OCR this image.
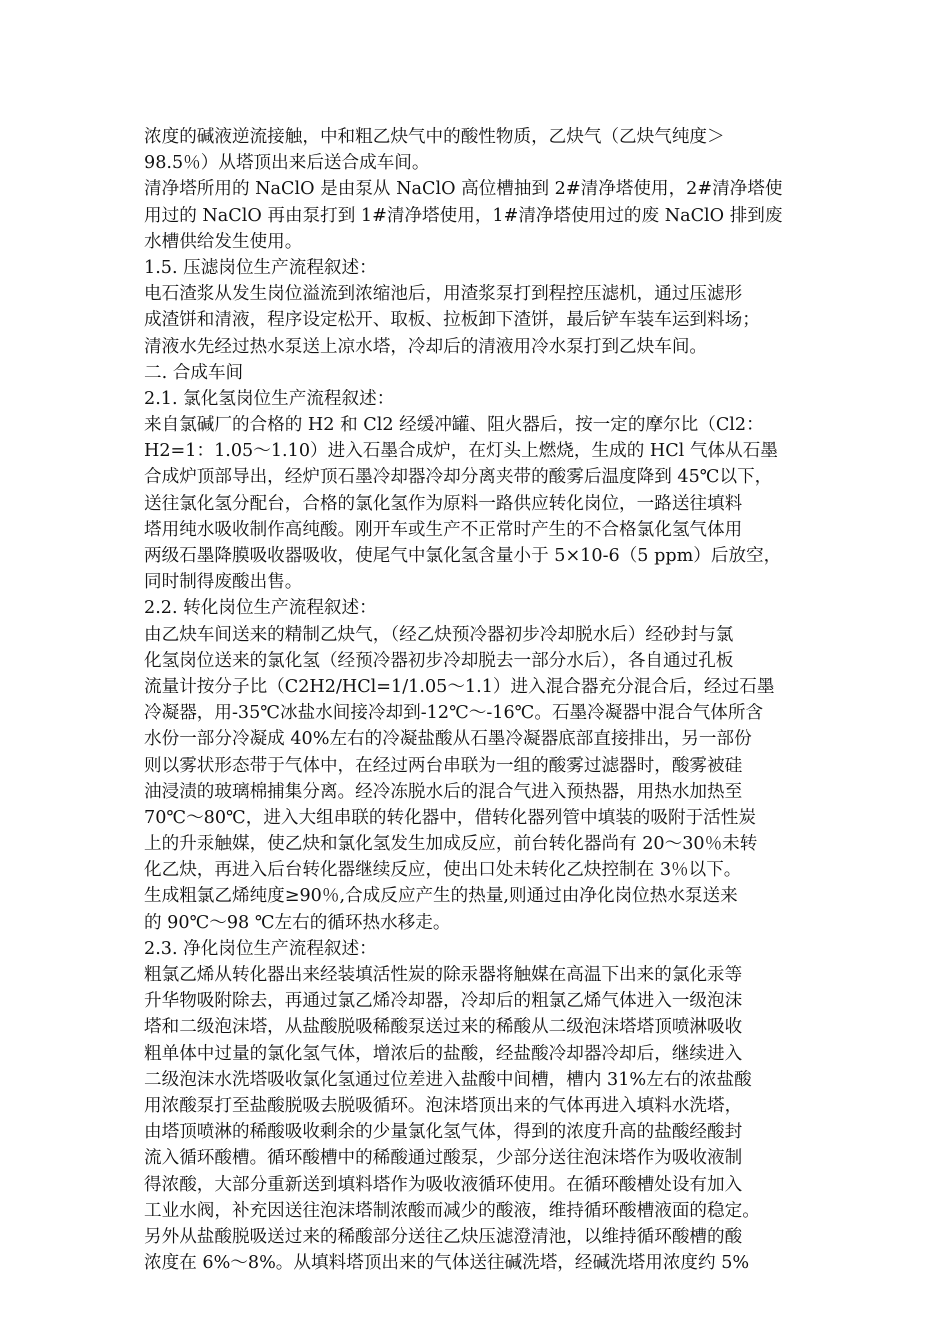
浓度的碱液逆流接触，中和粗乙炔气中的酸性物质，乙炔气（乙炔气纯度＞
98.5％）从塔顶出来后送合成车间。
清净塔所用的 NaClO 是由泵从 NaClO 高位槽抽到 2#清净塔使用，2#清净塔使
用过的 NaClO 再由泵打到 1#清净塔使用，1#清净塔使用过的废 NaClO 排到废
水槽供给发生使用。
1.5. 压滤岗位生产流程叙述：
电石渣浆从发生岗位溢流到浓缩池后，用渣浆泵打到程控压滤机，通过压滤形
成渣饼和清液，程序设定松开、取板、拉板卸下渣饼，最后铲车装车运到料场；
清液水先经过热水泵送上凉水塔，冷却后的清液用冷水泵打到乙炔车间。
二. 合成车间
2.1. 氯化氢岗位生产流程叙述：
来自氯碱厂的合格的 H2 和 Cl2 经缓冲罐、阻火器后，按一定的摩尔比（Cl2：
H2=1：1.05～1.10）进入石墨合成炉，在灯头上燃烧，生成的 HCl 气体从石墨
合成炉顶部导出，经炉顶石墨冷却器冷却分离夹带的酸雾后温度降到 45℃以下，
送往氯化氢分配台，合格的氯化氢作为原料一路供应转化岗位，一路送往填料
塔用纯水吸收制作高纯酸。刚开车或生产不正常时产生的不合格氯化氢气体用
两级石墨降膜吸收器吸收，使尾气中氯化氢含量小于 5×10-6（5 ppm）后放空，
同时制得废酸出售。
2.2. 转化岗位生产流程叙述：
由乙炔车间送来的精制乙炔气，（经乙炔预冷器初步冷却脱水后）经砂封与氯
化氢岗位送来的氯化氢（经预冷器初步冷却脱去一部分水后），各自通过孔板
流量计按分子比（C2H2/HCl=1/1.05～1.1）进入混合器充分混合后，经过石墨
冷凝器，用-35℃冰盐水间接冷却到-12℃～-16℃。石墨冷凝器中混合气体所含
水份一部分冷凝成 40%左右的冷凝盐酸从石墨冷凝器底部直接排出，另一部份
则以雾状形态带于气体中，在经过两台串联为一组的酸雾过滤器时，酸雾被硅
油浸渍的玻璃棉捕集分离。经冷冻脱水后的混合气进入预热器，用热水加热至
70℃～80℃，进入大组串联的转化器中，借转化器列管中填装的吸附于活性炭
上的升汞触媒，使乙炔和氯化氢发生加成反应，前台转化器尚有 20～30％未转
化乙炔，再进入后台转化器继续反应，使出口处未转化乙炔控制在 3％以下。
生成粗氯乙烯纯度≥90％,合成反应产生的热量,则通过由净化岗位热水泵送来
的 90℃～98 ℃左右的循环热水移走。
2.3. 净化岗位生产流程叙述：
粗氯乙烯从转化器出来经装填活性炭的除汞器将触媒在高温下出来的氯化汞等
升华物吸附除去，再通过氯乙烯冷却器，冷却后的粗氯乙烯气体进入一级泡沫
塔和二级泡沫塔，从盐酸脱吸稀酸泵送过来的稀酸从二级泡沫塔塔顶喷淋吸收
粗单体中过量的氯化氢气体，增浓后的盐酸，经盐酸冷却器冷却后，继续进入
二级泡沫水洗塔吸收氯化氢通过位差进入盐酸中间槽，槽内 31%左右的浓盐酸
用浓酸泵打至盐酸脱吸去脱吸循环。泡沫塔顶出来的气体再进入填料水洗塔，
由塔顶喷淋的稀酸吸收剩余的少量氯化氢气体，得到的浓度升高的盐酸经酸封
流入循环酸槽。循环酸槽中的稀酸通过酸泵，少部分送往泡沫塔作为吸收液制
得浓酸，大部分重新送到填料塔作为吸收液循环使用。在循环酸槽处设有加入
工业水阀，补充因送往泡沫塔制浓酸而减少的酸液，维持循环酸槽液面的稳定。
另外从盐酸脱吸送过来的稀酸部分送往乙炔压滤澄清池，以维持循环酸槽的酸
浓度在 6%～8%。从填料塔顶出来的气体送往碱洗塔，经碱洗塔用浓度约 5%
